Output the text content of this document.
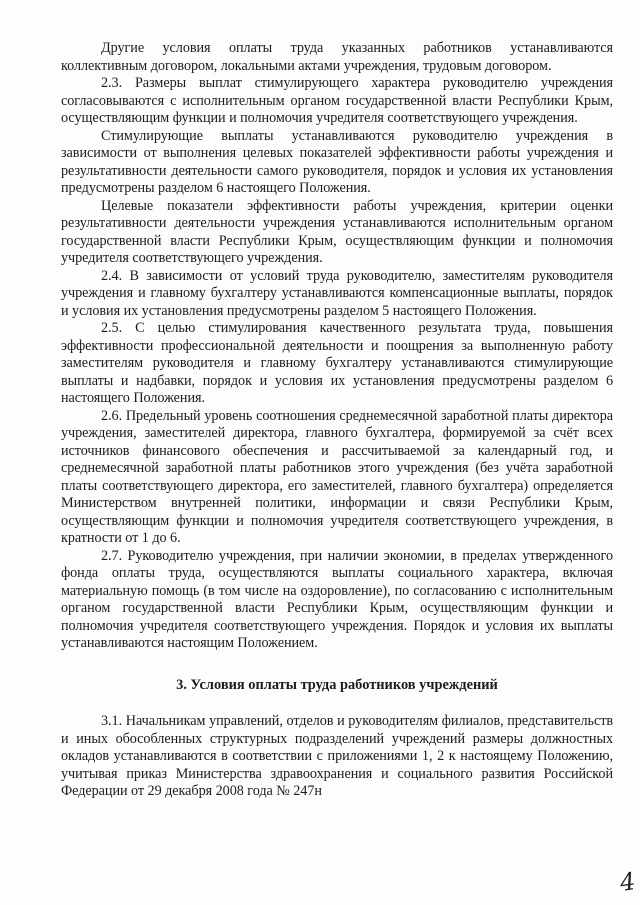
Другие условия оплаты труда указанных работников устанавливаются коллективным договором, локальными актами учреждения, трудовым договором.

2.3. Размеры выплат стимулирующего характера руководителю учреждения согласовываются с исполнительным органом государственной власти Республики Крым, осуществляющим функции и полномочия учредителя соответствующего учреждения.

Стимулирующие выплаты устанавливаются руководителю учреждения в зависимости от выполнения целевых показателей эффективности работы учреждения и результативности деятельности самого руководителя, порядок и условия их установления предусмотрены разделом 6 настоящего Положения.

Целевые показатели эффективности работы учреждения, критерии оценки результативности деятельности учреждения устанавливаются исполнительным органом государственной власти Республики Крым, осуществляющим функции и полномочия учредителя соответствующего учреждения.

2.4. В зависимости от условий труда руководителю, заместителям руководителя учреждения и главному бухгалтеру устанавливаются компенсационные выплаты, порядок и условия их установления предусмотрены разделом 5 настоящего Положения.

2.5. С целью стимулирования качественного результата труда, повышения эффективности профессиональной деятельности и поощрения за выполненную работу заместителям руководителя и главному бухгалтеру устанавливаются стимулирующие выплаты и надбавки, порядок и условия их установления предусмотрены разделом 6 настоящего Положения.

2.6. Предельный уровень соотношения среднемесячной заработной платы директора учреждения, заместителей директора, главного бухгалтера, формируемой за счёт всех источников финансового обеспечения и рассчитываемой за календарный год, и среднемесячной заработной платы работников этого учреждения (без учёта заработной платы соответствующего директора, его заместителей, главного бухгалтера) определяется Министерством внутренней политики, информации и связи Республики Крым, осуществляющим функции и полномочия учредителя соответствующего учреждения, в кратности от 1 до 6.

2.7. Руководителю учреждения, при наличии экономии, в пределах утвержденного фонда оплаты труда, осуществляются выплаты социального характера, включая материальную помощь (в том числе на оздоровление), по согласованию с исполнительным органом государственной власти Республики Крым, осуществляющим функции и полномочия учредителя соответствующего учреждения. Порядок и условия их выплаты устанавливаются настоящим Положением.

3. Условия оплаты труда работников учреждений

3.1. Начальникам управлений, отделов и руководителям филиалов, представительств и иных обособленных структурных подразделений учреждений размеры должностных окладов устанавливаются в соответствии с приложениями 1, 2 к настоящему Положению, учитывая приказ Министерства здравоохранения и социального развития Российской Федерации от 29 декабря 2008 года № 247н

4
